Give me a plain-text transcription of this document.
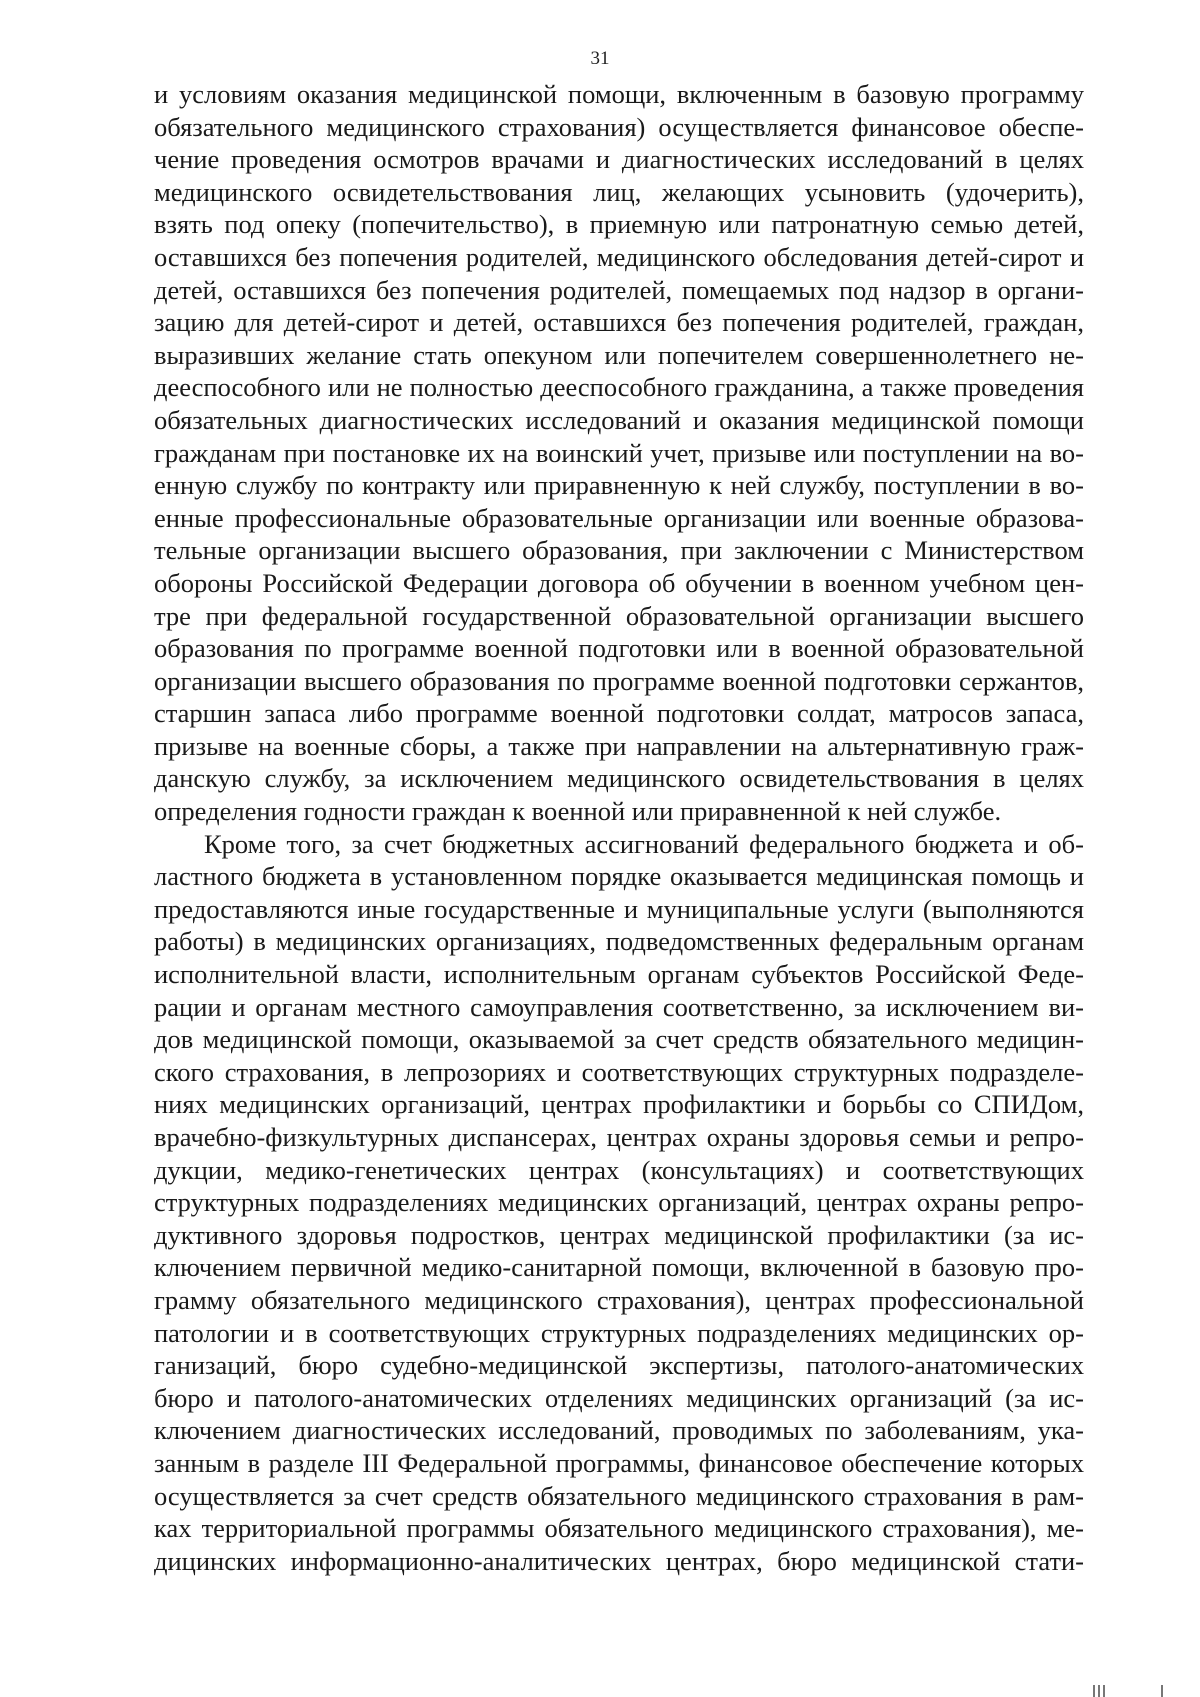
31
и условиям оказания медицинской помощи, включенным в базовую программу
обязательного медицинского страхования) осуществляется финансовое обеспе-
чение проведения осмотров врачами и диагностических исследований в целях
медицинского освидетельствования лиц, желающих усыновить (удочерить),
взять под опеку (попечительство), в приемную или патронатную семью детей,
оставшихся без попечения родителей, медицинского обследования детей-сирот и
детей, оставшихся без попечения родителей, помещаемых под надзор в органи-
зацию для детей-сирот и детей, оставшихся без попечения родителей, граждан,
выразивших желание стать опекуном или попечителем совершеннолетнего не-
дееспособного или не полностью дееспособного гражданина, а также проведения
обязательных диагностических исследований и оказания медицинской помощи
гражданам при постановке их на воинский учет, призыве или поступлении на во-
енную службу по контракту или приравненную к ней службу, поступлении в во-
енные профессиональные образовательные организации или военные образова-
тельные организации высшего образования, при заключении с Министерством
обороны Российской Федерации договора об обучении в военном учебном цен-
тре при федеральной государственной образовательной организации высшего
образования по программе военной подготовки или в военной образовательной
организации высшего образования по программе военной подготовки сержантов,
старшин запаса либо программе военной подготовки солдат, матросов запаса,
призыве на военные сборы, а также при направлении на альтернативную граж-
данскую службу, за исключением медицинского освидетельствования в целях
определения годности граждан к военной или приравненной к ней службе.
Кроме того, за счет бюджетных ассигнований федерального бюджета и об-
ластного бюджета в установленном порядке оказывается медицинская помощь и
предоставляются иные государственные и муниципальные услуги (выполняются
работы) в медицинских организациях, подведомственных федеральным органам
исполнительной власти, исполнительным органам субъектов Российской Феде-
рации и органам местного самоуправления соответственно, за исключением ви-
дов медицинской помощи, оказываемой за счет средств обязательного медицин-
ского страхования, в лепрозориях и соответствующих структурных подразделе-
ниях медицинских организаций, центрах профилактики и борьбы со СПИДом,
врачебно-физкультурных диспансерах, центрах охраны здоровья семьи и репро-
дукции, медико-генетических центрах (консультациях) и соответствующих
структурных подразделениях медицинских организаций, центрах охраны репро-
дуктивного здоровья подростков, центрах медицинской профилактики (за ис-
ключением первичной медико-санитарной помощи, включенной в базовую про-
грамму обязательного медицинского страхования), центрах профессиональной
патологии и в соответствующих структурных подразделениях медицинских ор-
ганизаций, бюро судебно-медицинской экспертизы, патолого-анатомических
бюро и патолого-анатомических отделениях медицинских организаций (за ис-
ключением диагностических исследований, проводимых по заболеваниям, ука-
занным в разделе III Федеральной программы, финансовое обеспечение которых
осуществляется за счет средств обязательного медицинского страхования в рам-
ках территориальной программы обязательного медицинского страхования), ме-
дицинских информационно-аналитических центрах, бюро медицинской стати-
